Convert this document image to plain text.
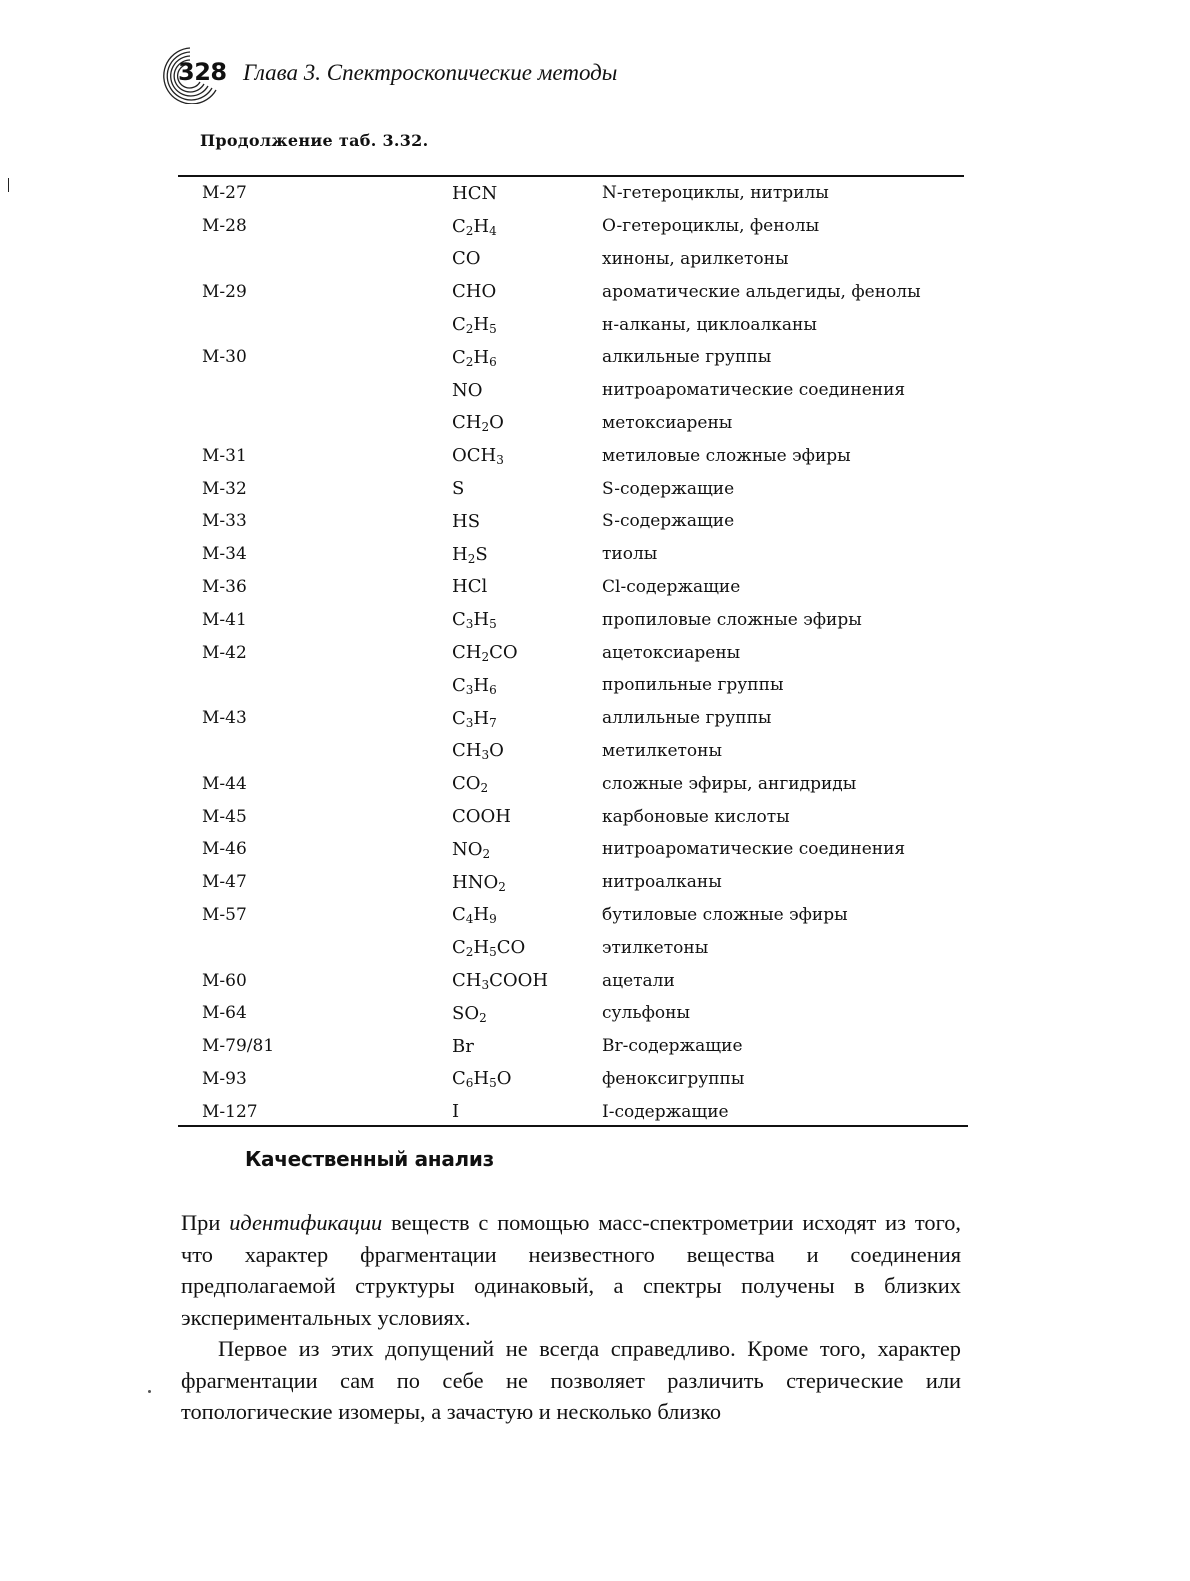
328 Глава 3. Спектроскопические методы
Продолжение таб. 3.32.
M-27	HCN	N-гетероциклы, нитрилы
M-28	$C_2H_4$	O-гетероциклы, фенолы
	CO	хиноны, арилкетоны
M-29	CHO	ароматические альдегиды, фенолы
	$C_2H_5$	н-алканы, циклоалканы
M-30	$C_2H_6$	алкильные группы
	NO	нитроароматические соединения
	$CH_2O$	метоксиарены
M-31	$OCH_3$	метиловые сложные эфиры
M-32	S	S-содержащие
M-33	HS	S-содержащие
M-34	$H_2S$	тиолы
M-36	HCl	Cl-содержащие
M-41	$C_3H_5$	пропиловые сложные эфиры
M-42	$CH_2CO$	ацетоксиарены
	$C_3H_6$	пропильные группы
M-43	$C_3H_7$	аллильные группы
	$CH_3O$	метилкетоны
M-44	$CO_2$	сложные эфиры, ангидриды
M-45	COOH	карбоновые кислоты
M-46	$NO_2$	нитроароматические соединения
M-47	$HNO_2$	нитроалканы
M-57	$C_4H_9$	бутиловые сложные эфиры
	$C_2H_5CO$	этилкетоны
M-60	$CH_3COOH$	ацетали
M-64	$SO_2$	сульфоны
M-79/81	Br	Br-содержащие
M-93	$C_6H_5O$	феноксигруппы
M-127	I	I-содержащие
Качественный анализ

При идентификации веществ с помощью масс-спектрометрии исходят из того, что характер фрагментации неизвестного вещества и соединения предполагаемой структуры одинаковый, а спектры получены в близких экспериментальных условиях.

Первое из этих допущений не всегда справедливо. Кроме того, характер фрагментации сам по себе не позволяет различить стерические или топологические изомеры, а зачастую и несколько близко
